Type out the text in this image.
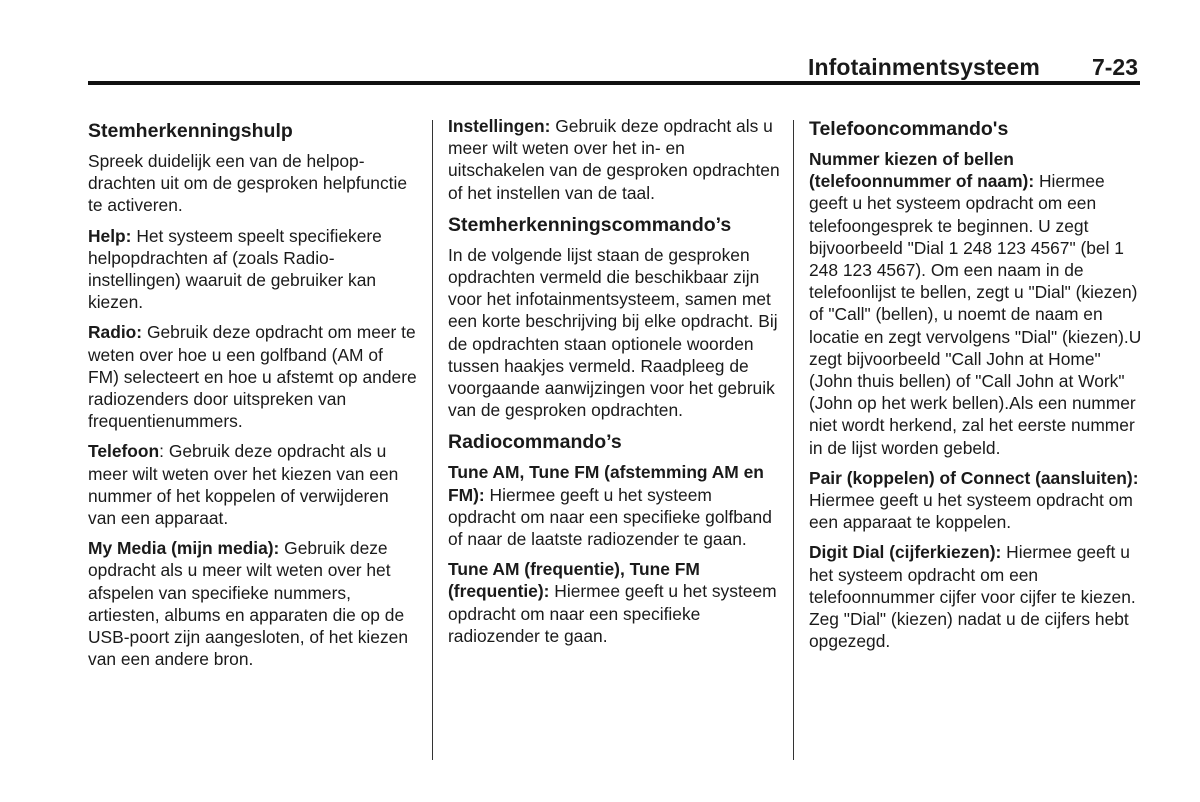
Infotainmentsysteem 7-23
Stemherkenningshulp

Spreek duidelijk een van de helpopdrachten uit om de gesproken helpfunctie te activeren.

Help: Het systeem speelt specifiekere helpopdrachten af (zoals Radio-instellingen) waaruit de gebruiker kan kiezen.

Radio: Gebruik deze opdracht om meer te weten over hoe u een golfband (AM of FM) selecteert en hoe u afstemt op andere radiozenders door uitspreken van frequentienummers.

Telefoon: Gebruik deze opdracht als u meer wilt weten over het kiezen van een nummer of het koppelen of verwijderen van een apparaat.

My Media (mijn media): Gebruik deze opdracht als u meer wilt weten over het afspelen van specifieke nummers, artiesten, albums en apparaten die op de USB-poort zijn aangesloten, of het kiezen van een andere bron.

Instellingen: Gebruik deze opdracht als u meer wilt weten over het in- en uitschakelen van de gesproken opdrachten of het instellen van de taal.

Stemherkenningscommando’s

In de volgende lijst staan de gesproken opdrachten vermeld die beschikbaar zijn voor het infotainmentsysteem, samen met een korte beschrijving bij elke opdracht. Bij de opdrachten staan optionele woorden tussen haakjes vermeld. Raadpleeg de voorgaande aanwijzingen voor het gebruik van de gesproken opdrachten.

Radiocommando’s

Tune AM, Tune FM (afstemming AM en FM): Hiermee geeft u het systeem opdracht om naar een specifieke golfband of naar de laatste radiozender te gaan.

Tune AM (frequentie), Tune FM (frequentie): Hiermee geeft u het systeem opdracht om naar een specifieke radiozender te gaan.

Telefooncommando's

Nummer kiezen of bellen (telefoonnummer of naam): Hiermee geeft u het systeem opdracht om een telefoongesprek te beginnen. U zegt bijvoorbeeld "Dial 1 248 123 4567" (bel 1 248 123 4567). Om een naam in de telefoonlijst te bellen, zegt u "Dial" (kiezen) of "Call" (bellen), u noemt de naam en locatie en zegt vervolgens "Dial" (kiezen).U zegt bijvoorbeeld "Call John at Home" (John thuis bellen) of "Call John at Work" (John op het werk bellen).Als een nummer niet wordt herkend, zal het eerste nummer in de lijst worden gebeld.

Pair (koppelen) of Connect (aansluiten): Hiermee geeft u het systeem opdracht om een apparaat te koppelen.

Digit Dial (cijferkiezen): Hiermee geeft u het systeem opdracht om een telefoonnummer cijfer voor cijfer te kiezen. Zeg "Dial" (kiezen) nadat u de cijfers hebt opgezegd.
